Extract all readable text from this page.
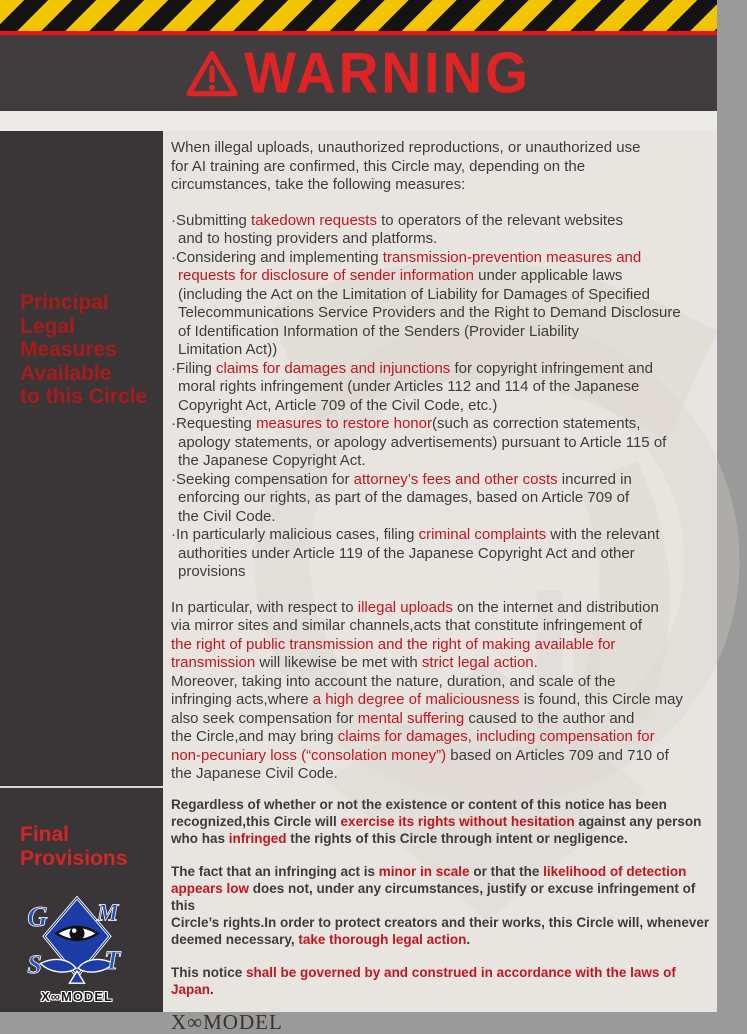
WARNING
Principal
Legal
Measures
Available
to this Circle
Final
Provisions
G M
S T
X∞MODEL
When illegal uploads, unauthorized reproductions, or unauthorized use
for AI training are confirmed, this Circle may, depending on the
circumstances, take the following measures:
·Submitting takedown requests to operators of the relevant websites
and to hosting providers and platforms.
·Considering and implementing transmission-prevention measures and
requests for disclosure of sender information under applicable laws
(including the Act on the Limitation of Liability for Damages of Specified
Telecommunications Service Providers and the Right to Demand Disclosure
of Identification Information of the Senders (Provider Liability
Limitation Act))
·Filing claims for damages and injunctions for copyright infringement and
moral rights infringement (under Articles 112 and 114 of the Japanese
Copyright Act, Article 709 of the Civil Code, etc.)
·Requesting measures to restore honor(such as correction statements,
apology statements, or apology advertisements) pursuant to Article 115 of
the Japanese Copyright Act.
·Seeking compensation for attorney’s fees and other costs incurred in
enforcing our rights, as part of the damages, based on Article 709 of
the Civil Code.
·In particularly malicious cases, filing criminal complaints with the relevant
authorities under Article 119 of the Japanese Copyright Act and other
provisions
In particular, with respect to illegal uploads on the internet and distribution
via mirror sites and similar channels,acts that constitute infringement of
the right of public transmission and the right of making available for
transmission will likewise be met with strict legal action.
Moreover, taking into account the nature, duration, and scale of the
infringing acts,where a high degree of maliciousness is found, this Circle may
also seek compensation for mental suffering caused to the author and
the Circle,and may bring claims for damages, including compensation for
non-pecuniary loss (“consolation money”) based on Articles 709 and 710 of
the Japanese Civil Code.

Regardless of whether or not the existence or content of this notice has been
recognized,this Circle will exercise its rights without hesitation against any person
who has infringed the rights of this Circle through intent or negligence.

The fact that an infringing act is minor in scale or that the likelihood of detection
appears low does not, under any circumstances, justify or excuse infringement of this
Circle’s rights.In order to protect creators and their works, this Circle will, whenever
deemed necessary, take thorough legal action.

This notice shall be governed by and construed in accordance with the laws of Japan.

X∞MODEL
